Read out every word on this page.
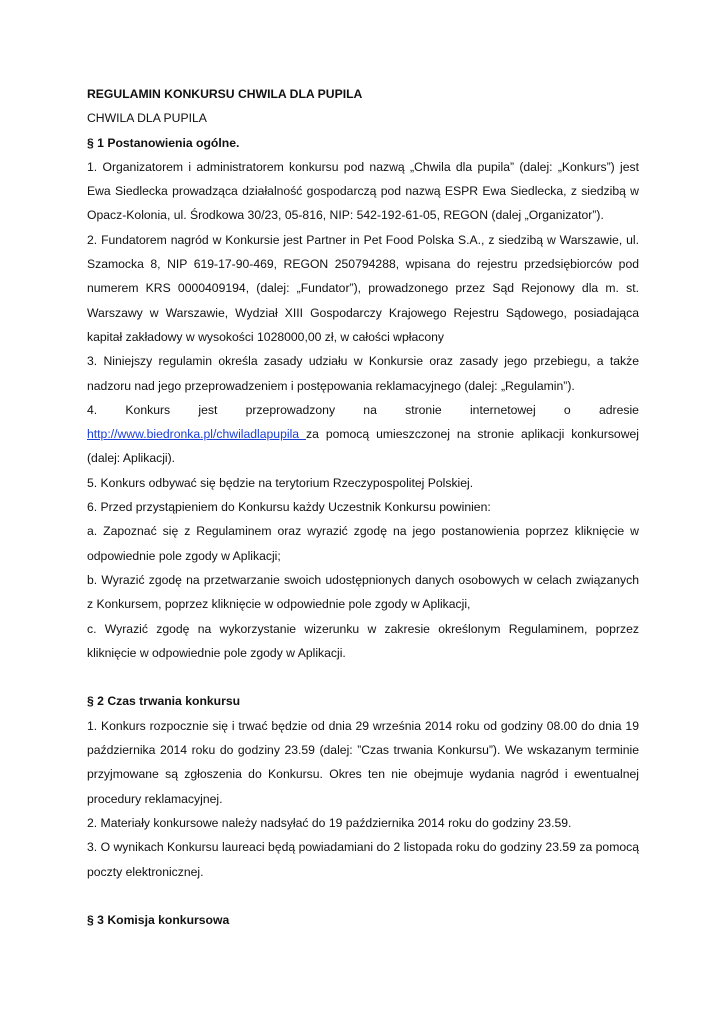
REGULAMIN KONKURSU CHWILA DLA PUPILA

CHWILA DLA PUPILA

§ 1 Postanowienia ogólne.

1. Organizatorem i administratorem konkursu pod nazwą „Chwila dla pupila” (dalej: „Konkurs”) jest Ewa Siedlecka prowadząca działalność gospodarczą pod nazwą ESPR Ewa Siedlecka, z siedzibą w Opacz-Kolonia, ul. Środkowa 30/23, 05-816, NIP: 542-192-61-05, REGON (dalej „Organizator”).

2. Fundatorem nagród w Konkursie jest Partner in Pet Food Polska S.A., z siedzibą w Warszawie, ul. Szamocka 8, NIP 619-17-90-469, REGON 250794288, wpisana do rejestru przedsiębiorców pod numerem KRS 0000409194, (dalej: „Fundator”), prowadzonego przez Sąd Rejonowy dla m. st. Warszawy w Warszawie, Wydział XIII Gospodarczy Krajowego Rejestru Sądowego, posiadająca kapitał zakładowy w wysokości 1028000,00 zł, w całości wpłacony

3. Niniejszy regulamin określa zasady udziału w Konkursie oraz zasady jego przebiegu, a także nadzoru nad jego przeprowadzeniem i postępowania reklamacyjnego (dalej: „Regulamin”).

4. Konkurs jest przeprowadzony na stronie internetowej o adresie

http://www.biedronka.pl/chwiladlapupila za pomocą umieszczonej na stronie aplikacji konkursowej (dalej: Aplikacji).

5. Konkurs odbywać się będzie na terytorium Rzeczypospolitej Polskiej.

6. Przed przystąpieniem do Konkursu każdy Uczestnik Konkursu powinien:

a. Zapoznać się z Regulaminem oraz wyrazić zgodę na jego postanowienia poprzez kliknięcie w odpowiednie pole zgody w Aplikacji;

b. Wyrazić zgodę na przetwarzanie swoich udostępnionych danych osobowych w celach związanych z Konkursem, poprzez kliknięcie w odpowiednie pole zgody w Aplikacji,

c. Wyrazić zgodę na wykorzystanie wizerunku w zakresie określonym Regulaminem, poprzez kliknięcie w odpowiednie pole zgody w Aplikacji.

§ 2 Czas trwania konkursu

1. Konkurs rozpocznie się i trwać będzie od dnia 29 września 2014 roku od godziny 08.00 do dnia 19 października 2014 roku do godziny 23.59 (dalej: ”Czas trwania Konkursu”). We wskazanym terminie przyjmowane są zgłoszenia do Konkursu. Okres ten nie obejmuje wydania nagród i ewentualnej procedury reklamacyjnej.

2. Materiały konkursowe należy nadsyłać do 19 października 2014 roku do godziny 23.59.

3. O wynikach Konkursu laureaci będą powiadamiani do 2 listopada roku do godziny 23.59 za pomocą poczty elektronicznej.

§ 3 Komisja konkursowa
